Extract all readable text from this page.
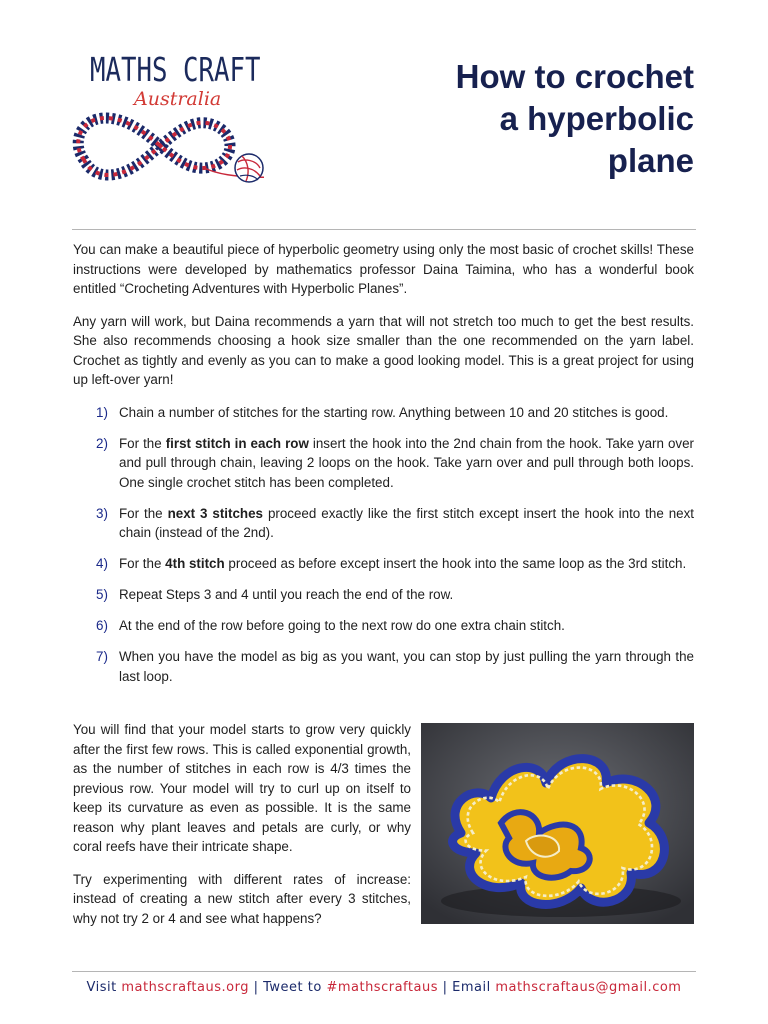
MATHS CRAFT
Australia
How to crochet
a hyperbolic
plane

You can make a beautiful piece of hyperbolic geometry using only the most basic of crochet skills! These instructions were developed by mathematics professor Daina Taimina, who has a wonderful book entitled “Crocheting Adventures with Hyperbolic Planes”.

Any yarn will work, but Daina recommends a yarn that will not stretch too much to get the best results. She also recommends choosing a hook size smaller than the one recommended on the yarn label. Crochet as tightly and evenly as you can to make a good looking model. This is a great project for using up left-over yarn!

1) Chain a number of stitches for the starting row. Anything between 10 and 20 stitches is good.
2) For the first stitch in each row insert the hook into the 2nd chain from the hook. Take yarn over and pull through chain, leaving 2 loops on the hook. Take yarn over and pull through both loops. One single crochet stitch has been completed.
3) For the next 3 stitches proceed exactly like the first stitch except insert the hook into the next chain (instead of the 2nd).
4) For the 4th stitch proceed as before except insert the hook into the same loop as the 3rd stitch.
5) Repeat Steps 3 and 4 until you reach the end of the row.
6) At the end of the row before going to the next row do one extra chain stitch.
7) When you have the model as big as you want, you can stop by just pulling the yarn through the last loop.

You will find that your model starts to grow very quickly after the first few rows. This is called exponential growth, as the number of stitches in each row is 4/3 times the previous row. Your model will try to curl up on itself to keep its curvature as even as possible. It is the same reason why plant leaves and petals are curly, or why coral reefs have their intricate shape.

Try experimenting with different rates of increase: instead of creating a new stitch after every 3 stitches, why not try 2 or 4 and see what happens?

Visit mathscraftaus.org | Tweet to #mathscraftaus | Email mathscraftaus@gmail.com
